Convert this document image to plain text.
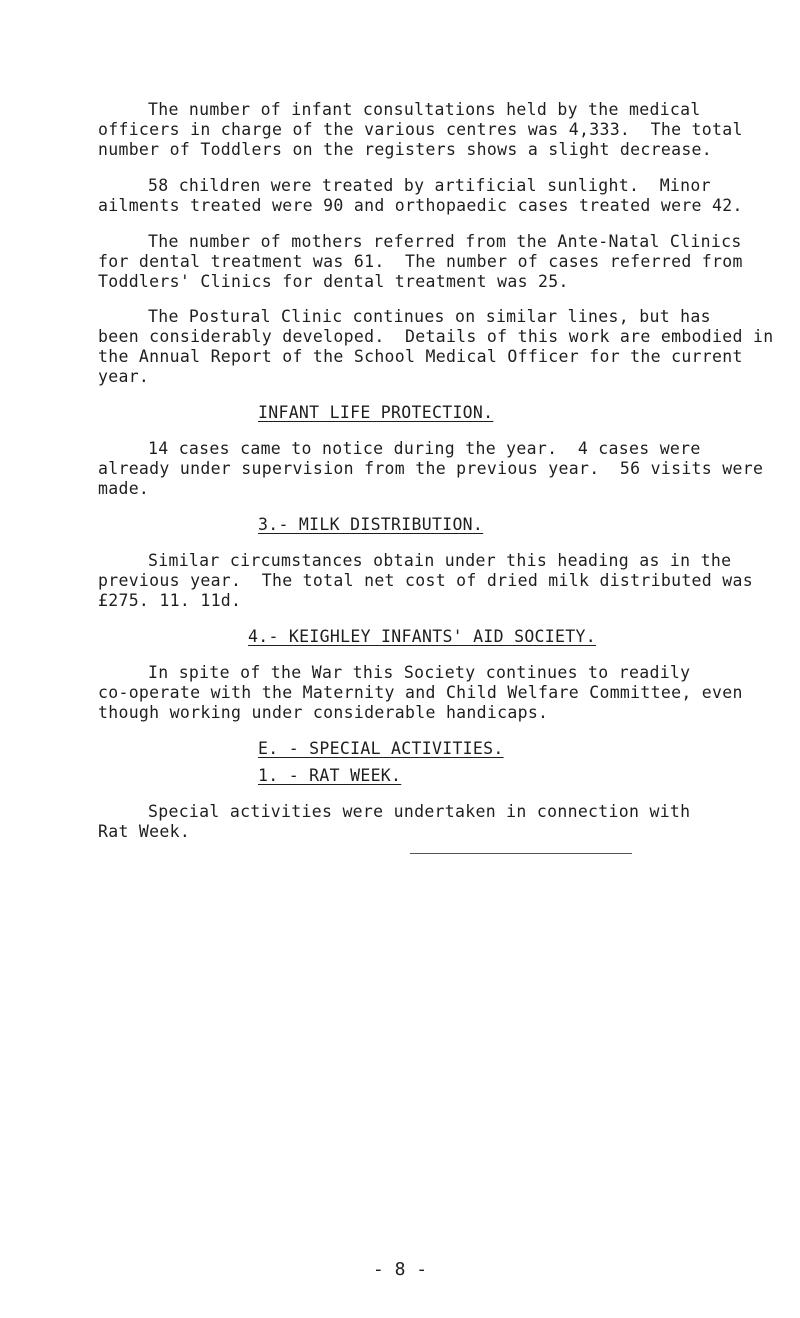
The number of infant consultations held by the medical
officers in charge of the various centres was 4,333.  The total
number of Toddlers on the registers shows a slight decrease.
58 children were treated by artificial sunlight.  Minor
ailments treated were 90 and orthopaedic cases treated were 42.
The number of mothers referred from the Ante-Natal Clinics
for dental treatment was 61.  The number of cases referred from
Toddlers' Clinics for dental treatment was 25.
The Postural Clinic continues on similar lines, but has
been considerably developed.  Details of this work are embodied in
the Annual Report of the School Medical Officer for the current
year.
INFANT LIFE PROTECTION.
14 cases came to notice during the year.  4 cases were
already under supervision from the previous year.  56 visits were
made.
3.- MILK DISTRIBUTION.
Similar circumstances obtain under this heading as in the
previous year.  The total net cost of dried milk distributed was
£275. 11. 11d.
4.- KEIGHLEY INFANTS' AID SOCIETY.
In spite of the War this Society continues to readily
co-operate with the Maternity and Child Welfare Committee, even
though working under considerable handicaps.
E. - SPECIAL ACTIVITIES.
1. - RAT WEEK.
Special activities were undertaken in connection with
Rat Week.
- 8 -
